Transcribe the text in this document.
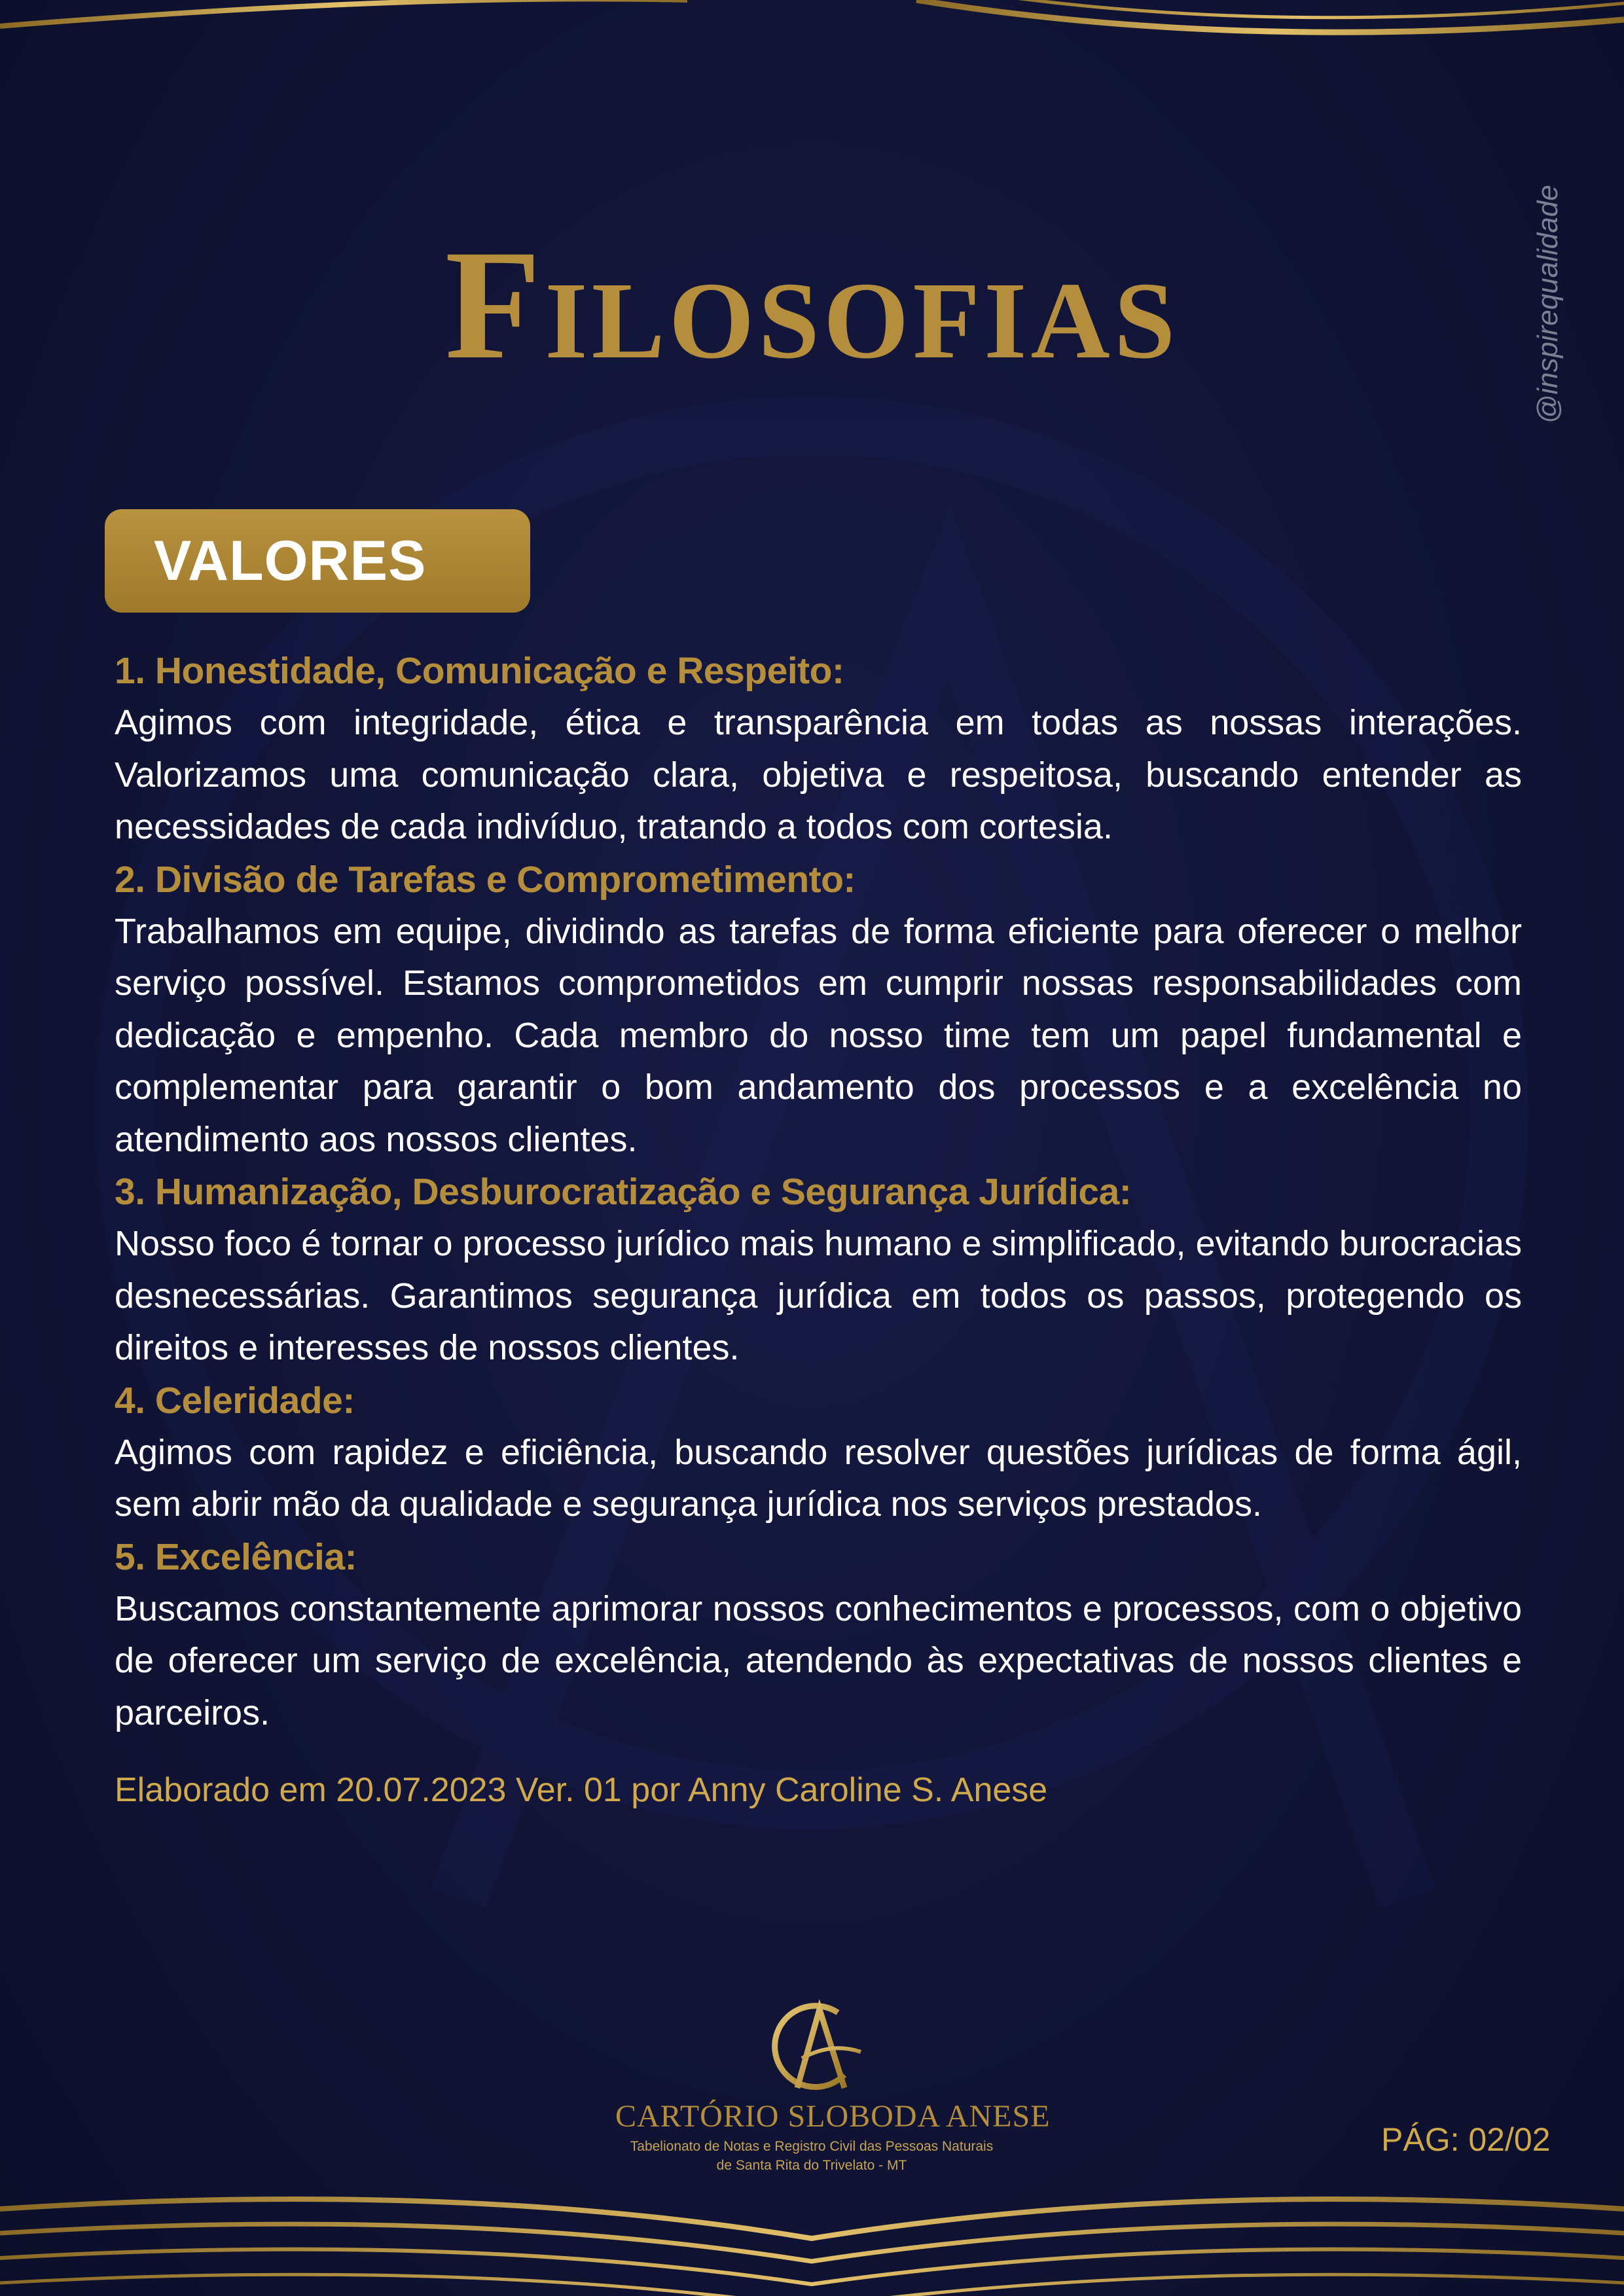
Filosofias	@inspirequalidade
VALORES
1. Honestidade, Comunicação e Respeito:
Agimos com integridade, ética e transparência em todas as nossas interações. Valorizamos uma comunicação clara, objetiva e respeitosa, buscando entender as necessidades de cada indivíduo, tratando a todos com cortesia.
2. Divisão de Tarefas e Comprometimento:
Trabalhamos em equipe, dividindo as tarefas de forma eficiente para oferecer o melhor serviço possível. Estamos comprometidos em cumprir nossas responsabilidades com dedicação e empenho. Cada membro do nosso time tem um papel fundamental e complementar para garantir o bom andamento dos processos e a excelência no atendimento aos nossos clientes.
3. Humanização, Desburocratização e Segurança Jurídica:
Nosso foco é tornar o processo jurídico mais humano e simplificado, evitando burocracias desnecessárias. Garantimos segurança jurídica em todos os passos, protegendo os direitos e interesses de nossos clientes.
4. Celeridade:
Agimos com rapidez e eficiência, buscando resolver questões jurídicas de forma ágil, sem abrir mão da qualidade e segurança jurídica nos serviços prestados.
5. Excelência:
Buscamos constantemente aprimorar nossos conhecimentos e processos, com o objetivo de oferecer um serviço de excelência, atendendo às expectativas de nossos clientes e parceiros.
Elaborado em 20.07.2023 Ver. 01 por Anny Caroline S. Anese
CARTÓRIO SLOBODA ANESE
Tabelionato de Notas e Registro Civil das Pessoas Naturais
de Santa Rita do Trivelato - MT
PÁG: 02/02
